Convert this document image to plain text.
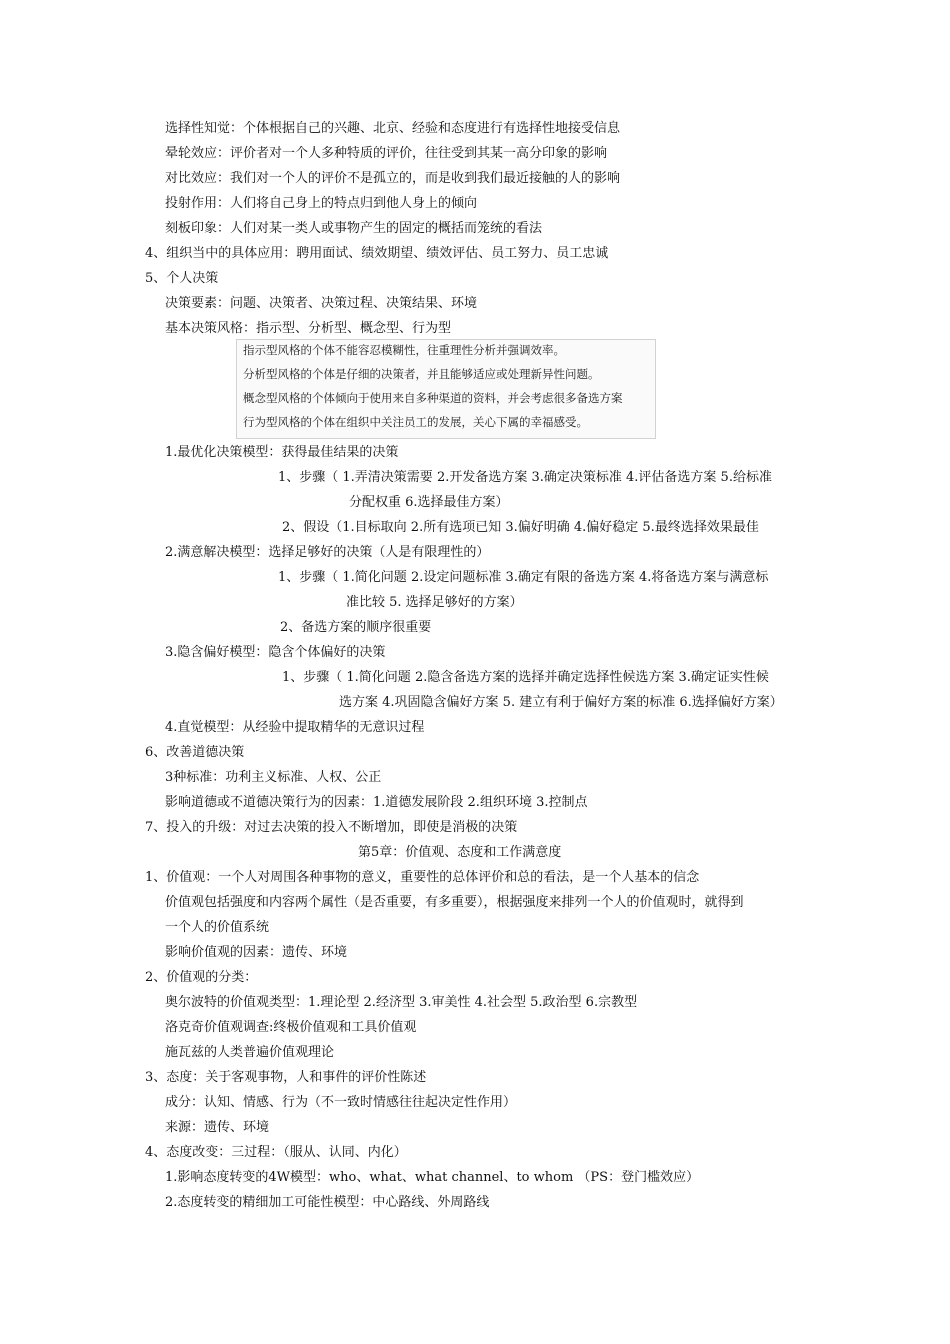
选择性知觉：个体根据自己的兴趣、北京、经验和态度进行有选择性地接受信息
晕轮效应：评价者对一个人多种特质的评价，往往受到其某一高分印象的影响
对比效应：我们对一个人的评价不是孤立的，而是收到我们最近接触的人的影响
投射作用：人们将自己身上的特点归到他人身上的倾向
刻板印象：人们对某一类人或事物产生的固定的概括而笼统的看法
4、组织当中的具体应用：聘用面试、绩效期望、绩效评估、员工努力、员工忠诚
5、个人决策
决策要素：问题、决策者、决策过程、决策结果、环境
基本决策风格：指示型、分析型、概念型、行为型
指示型风格的个体不能容忍模糊性，往重理性分析并强调效率。
分析型风格的个体是仔细的决策者，并且能够适应或处理新异性问题。
概念型风格的个体倾向于使用来自多种渠道的资料，并会考虑很多备选方案
行为型风格的个体在组织中关注员工的发展，关心下属的幸福感受。
1.最优化决策模型：获得最佳结果的决策
1、步骤（ 1.弄清决策需要 2.开发备选方案 3.确定决策标准 4.评估备选方案 5.给标准
分配权重 6.选择最佳方案）
2、假设（1.目标取向 2.所有选项已知 3.偏好明确 4.偏好稳定 5.最终选择效果最佳
2.满意解决模型：选择足够好的决策（人是有限理性的）
1、步骤（ 1.简化问题 2.设定问题标准 3.确定有限的备选方案 4.将备选方案与满意标
准比较 5. 选择足够好的方案）
2、备选方案的顺序很重要
3.隐含偏好模型：隐含个体偏好的决策
1、步骤（ 1.简化问题 2.隐含备选方案的选择并确定选择性候选方案 3.确定证实性候
选方案 4.巩固隐含偏好方案 5. 建立有利于偏好方案的标准 6.选择偏好方案）
4.直觉模型：从经验中提取精华的无意识过程
6、改善道德决策
3种标准：功利主义标准、人权、公正
影响道德或不道德决策行为的因素：1.道德发展阶段 2.组织环境 3.控制点
7、投入的升级：对过去决策的投入不断增加，即使是消极的决策
第5章：价值观、态度和工作满意度
1、价值观：一个人对周围各种事物的意义，重要性的总体评价和总的看法，是一个人基本的信念
价值观包括强度和内容两个属性（是否重要，有多重要），根据强度来排列一个人的价值观时，就得到
一个人的价值系统
影响价值观的因素：遗传、环境
2、价值观的分类：
奥尔波特的价值观类型：1.理论型 2.经济型 3.审美性 4.社会型 5.政治型 6.宗教型
洛克奇价值观调查:终极价值观和工具价值观
施瓦兹的人类普遍价值观理论
3、态度：关于客观事物，人和事件的评价性陈述
成分：认知、情感、行为（不一致时情感往往起决定性作用）
来源：遗传、环境
4、态度改变：三过程：（服从、认同、内化）
1.影响态度转变的4W模型：who、what、what channel、to whom （PS：登门槛效应）
2.态度转变的精细加工可能性模型：中心路线、外周路线
